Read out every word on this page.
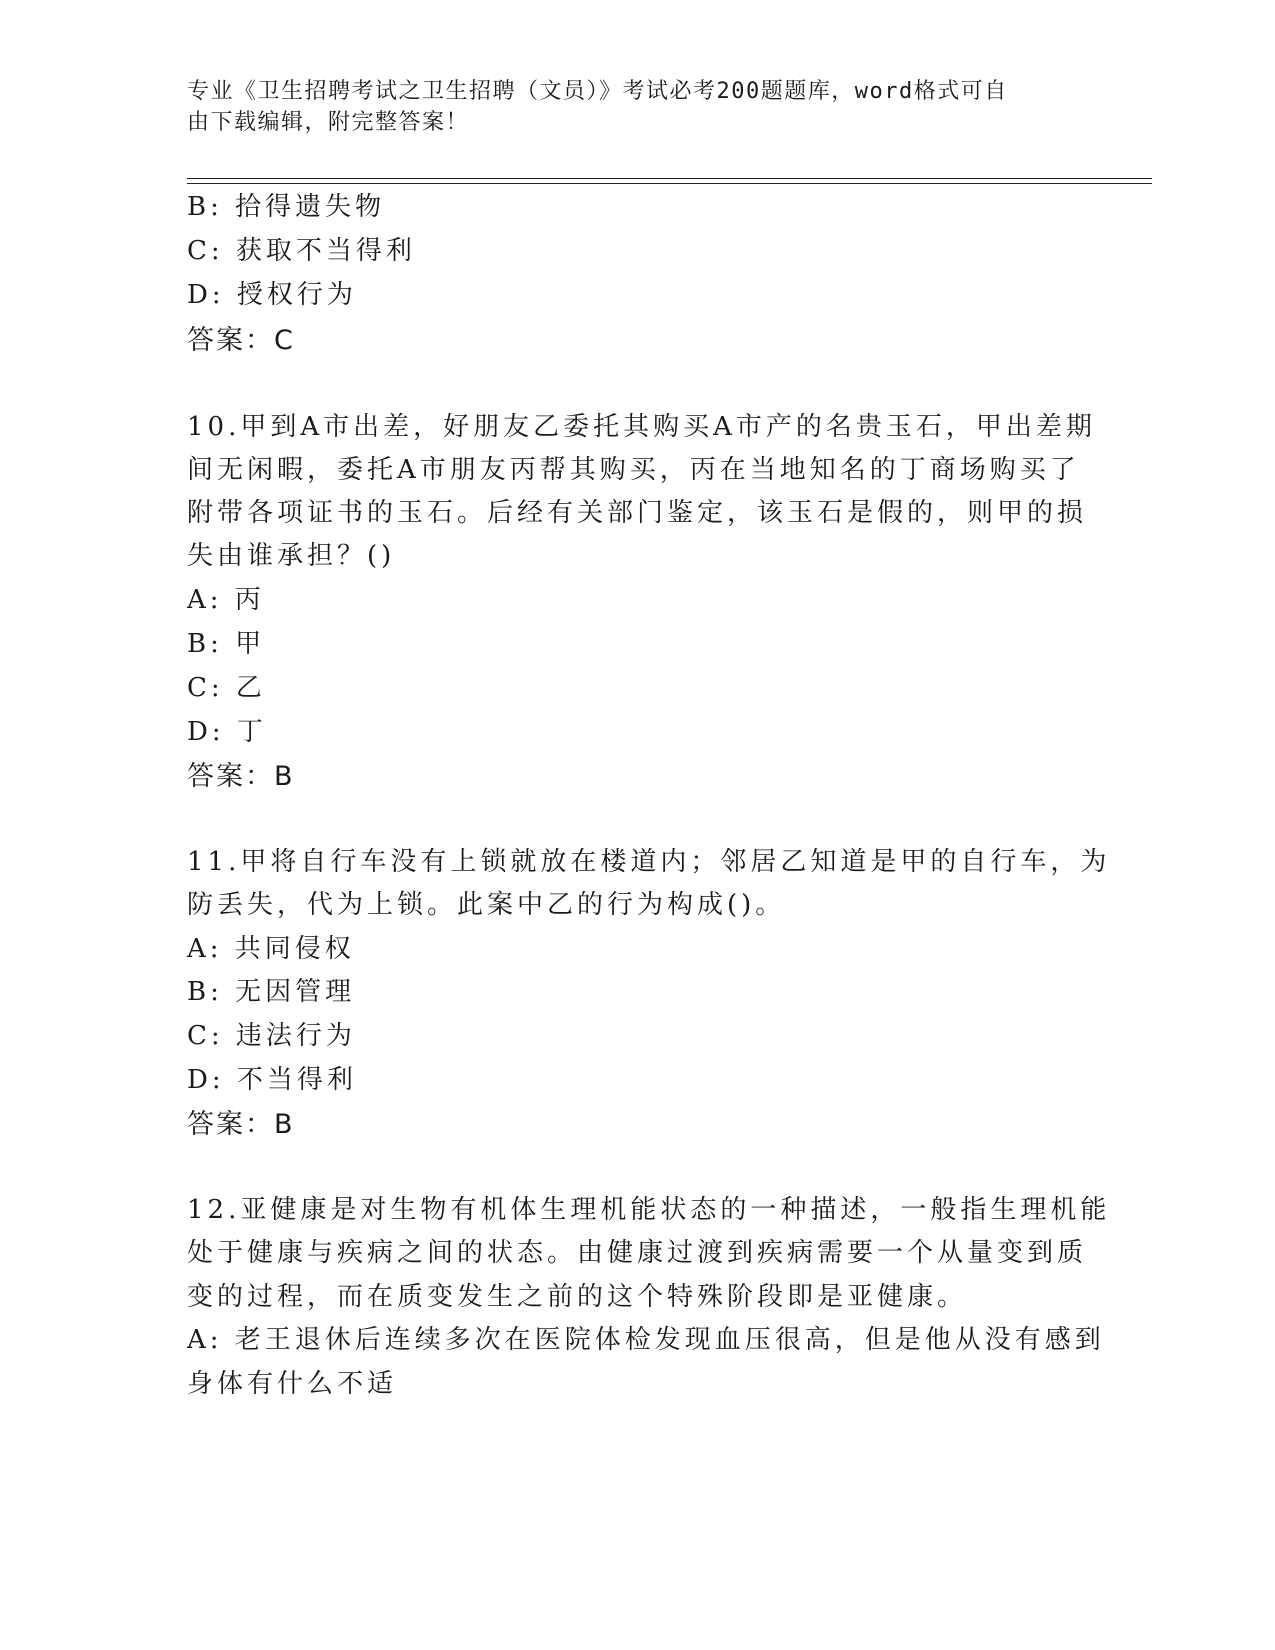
专业《卫生招聘考试之卫生招聘（文员）》考试必考200题题库，word格式可自
由下载编辑，附完整答案！
B: 拾得遗失物
C: 获取不当得利
D: 授权行为
答案：C
10.甲到A市出差，好朋友乙委托其购买A市产的名贵玉石，甲出差期
间无闲暇，委托A市朋友丙帮其购买，丙在当地知名的丁商场购买了
附带各项证书的玉石。后经有关部门鉴定，该玉石是假的，则甲的损
失由谁承担？()
A: 丙
B: 甲
C: 乙
D: 丁
答案：B
11.甲将自行车没有上锁就放在楼道内；邻居乙知道是甲的自行车，为
防丢失，代为上锁。此案中乙的行为构成()。
A: 共同侵权
B: 无因管理
C: 违法行为
D: 不当得利
答案：B
12.亚健康是对生物有机体生理机能状态的一种描述，一般指生理机能
处于健康与疾病之间的状态。由健康过渡到疾病需要一个从量变到质
变的过程，而在质变发生之前的这个特殊阶段即是亚健康。
A: 老王退休后连续多次在医院体检发现血压很高，但是他从没有感到
身体有什么不适
